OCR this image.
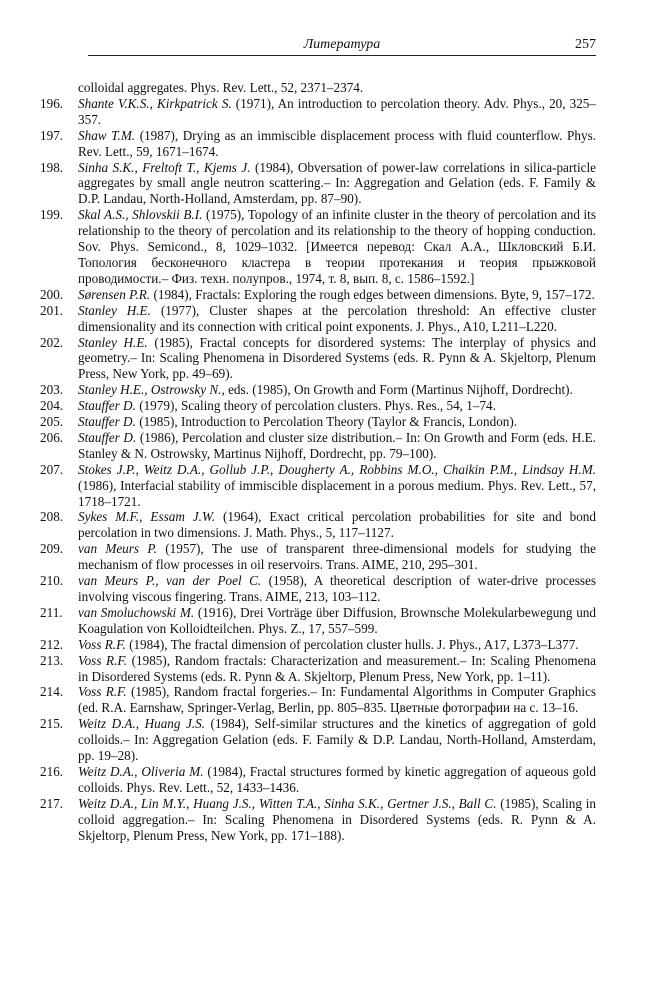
Литература	257
colloidal aggregates. Phys. Rev. Lett., 52, 2371–2374.
196.	Shante V.K.S., Kirkpatrick S. (1971), An introduction to percolation theory. Adv. Phys., 20, 325–357.
197.	Shaw T.M. (1987), Drying as an immiscible displacement process with fluid counterflow. Phys. Rev. Lett., 59, 1671–1674.
198.	Sinha S.K., Freltoft T., Kjems J. (1984), Obversation of power-law correlations in silica-particle aggregates by small angle neutron scattering.– In: Aggregation and Gelation (eds. F. Family & D.P. Landau, North-Holland, Amsterdam, pp. 87–90).
199.	Skal A.S., Shlovskii B.I. (1975), Topology of an infinite cluster in the theory of percolation and its relationship to the theory of percolation and its relationship to the theory of hopping conduction. Sov. Phys. Semicond., 8, 1029–1032. [Имеется перевод: Скал А.А., Шкловский Б.И. Топология бесконечного кластера в теории протекания и теория прыжковой проводимости.– Физ. техн. полупров., 1974, т. 8, вып. 8, с. 1586–1592.]
200.	Sørensen P.R. (1984), Fractals: Exploring the rough edges between dimensions. Byte, 9, 157–172.
201.	Stanley H.E. (1977), Cluster shapes at the percolation threshold: An effective cluster dimensionality and its connection with critical point exponents. J. Phys., A10, L211–L220.
202.	Stanley H.E. (1985), Fractal concepts for disordered systems: The interplay of physics and geometry.– In: Scaling Phenomena in Disordered Systems (eds. R. Pynn & A. Skjeltorp, Plenum Press, New York, pp. 49–69).
203.	Stanley H.E., Ostrowsky N., eds. (1985), On Growth and Form (Martinus Nijhoff, Dordrecht).
204.	Stauffer D. (1979), Scaling theory of percolation clusters. Phys. Res., 54, 1–74.
205.	Stauffer D. (1985), Introduction to Percolation Theory (Taylor & Francis, London).
206.	Stauffer D. (1986), Percolation and cluster size distribution.– In: On Growth and Form (eds. H.E. Stanley & N. Ostrowsky, Martinus Nijhoff, Dordrecht, pp. 79–100).
207.	Stokes J.P., Weitz D.A., Gollub J.P., Dougherty A., Robbins M.O., Chaikin P.M., Lindsay H.M. (1986), Interfacial stability of immiscible displacement in a porous medium. Phys. Rev. Lett., 57, 1718–1721.
208.	Sykes M.F., Essam J.W. (1964), Exact critical percolation probabilities for site and bond percolation in two dimensions. J. Math. Phys., 5, 117–1127.
209.	van Meurs P. (1957), The use of transparent three-dimensional models for studying the mechanism of flow processes in oil reservoirs. Trans. AIME, 210, 295–301.
210.	van Meurs P., van der Poel C. (1958), A theoretical description of water-drive processes involving viscous fingering. Trans. AIME, 213, 103–112.
211.	van Smoluchowski M. (1916), Drei Vorträge über Diffusion, Brownsche Molekularbewegung und Koagulation von Kolloidteilchen. Phys. Z., 17, 557–599.
212.	Voss R.F. (1984), The fractal dimension of percolation cluster hulls. J. Phys., A17, L373–L377.
213.	Voss R.F. (1985), Random fractals: Characterization and measurement.– In: Scaling Phenomena in Disordered Systems (eds. R. Pynn & A. Skjeltorp, Plenum Press, New York, pp. 1–11).
214.	Voss R.F. (1985), Random fractal forgeries.– In: Fundamental Algorithms in Computer Graphics (ed. R.A. Earnshaw, Springer-Verlag, Berlin, pp. 805–835. Цветные фотографии на с. 13–16.
215.	Weitz D.A., Huang J.S. (1984), Self-similar structures and the kinetics of aggregation of gold colloids.– In: Aggregation Gelation (eds. F. Family & D.P. Landau, North-Holland, Amsterdam, pp. 19–28).
216.	Weitz D.A., Oliveria M. (1984), Fractal structures formed by kinetic aggregation of aqueous gold colloids. Phys. Rev. Lett., 52, 1433–1436.
217.	Weitz D.A., Lin M.Y., Huang J.S., Witten T.A., Sinha S.K., Gertner J.S., Ball C. (1985), Scaling in colloid aggregation.– In: Scaling Phenomena in Disordered Systems (eds. R. Pynn & A. Skjeltorp, Plenum Press, New York, pp. 171–188).
